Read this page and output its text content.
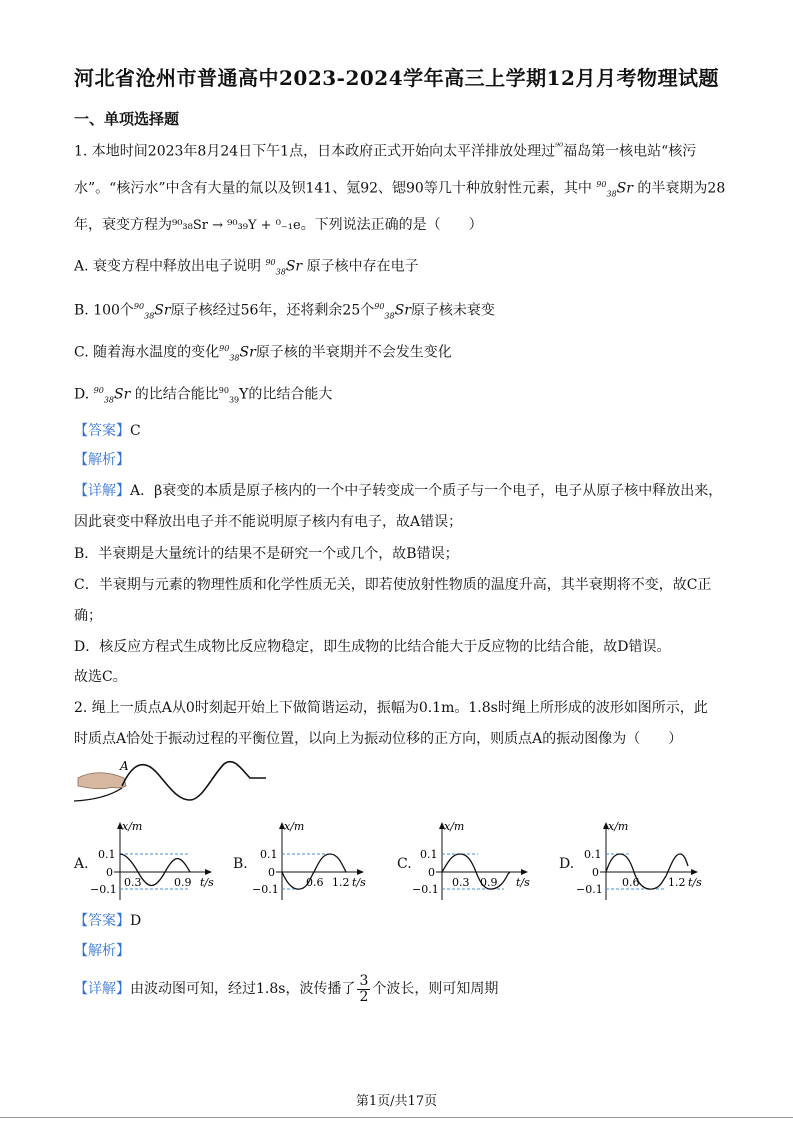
河北省沧州市普通高中2023-2024学年高三上学期12月月考物理试题
一、单项选择题
1. 本地时间2023年8月24日下午1点，日本政府正式开始向太平洋排放处理过⁹⁰福岛第一核电站“核污
水”。“核污水”中含有大量的氚以及钡141、氪92、锶90等几十种放射性元素，其中 $^{90}_{38}$Sr 的半衰期为28
年，衰变方程为⁹⁰₃₈Sr → ⁹⁰₃₉Y + ⁰₋₁e。下列说法正确的是（　　）
A. 衰变方程中释放出电子说明 $^{90}_{38}$Sr 原子核中存在电子
B. 100个$^{90}_{38}$Sr原子核经过56年，还将剩余25个$^{90}_{38}$Sr原子核未衰变
C. 随着海水温度的变化$^{90}_{38}$Sr原子核的半衰期并不会发生变化
D. $^{90}_{38}$Sr 的比结合能比$^{90}_{39}$Y的比结合能大
【答案】C
【解析】
【详解】A．β衰变的本质是原子核内的一个中子转变成一个质子与一个电子，电子从原子核中释放出来，
因此衰变中释放出电子并不能说明原子核内有电子，故A错误；
B．半衰期是大量统计的结果不是研究一个或几个，故B错误；
C．半衰期与元素的物理性质和化学性质无关，即若使放射性物质的温度升高，其半衰期将不变，故C正
确；
D．核反应方程式生成物比反应物稳定，即生成物的比结合能大于反应物的比结合能，故D错误。
故选C。
2. 绳上一质点A从0时刻起开始上下做简谐运动，振幅为0.1m。1.8s时绳上所形成的波形如图所示，此
时质点A恰处于振动过程的平衡位置，以向上为振动位移的正方向，则质点A的振动图像为（　　）
A
A.
x/m
0.1
0
−0.1
0.3	0.9 t/s
B.
x/m
0.1
0
−0.1
0.6 1.2 t/s
C.
x/m
0.1
0
−0.1
0.3 0.9 t/s
D.
x/m
0.1
0
−0.1
0.6	1.2 t/s
【答案】D
【解析】
【详解】由波动图可知，经过1.8s，波传播了 $\frac{3}{2}$ 个波长，则可知周期
第1页/共17页
